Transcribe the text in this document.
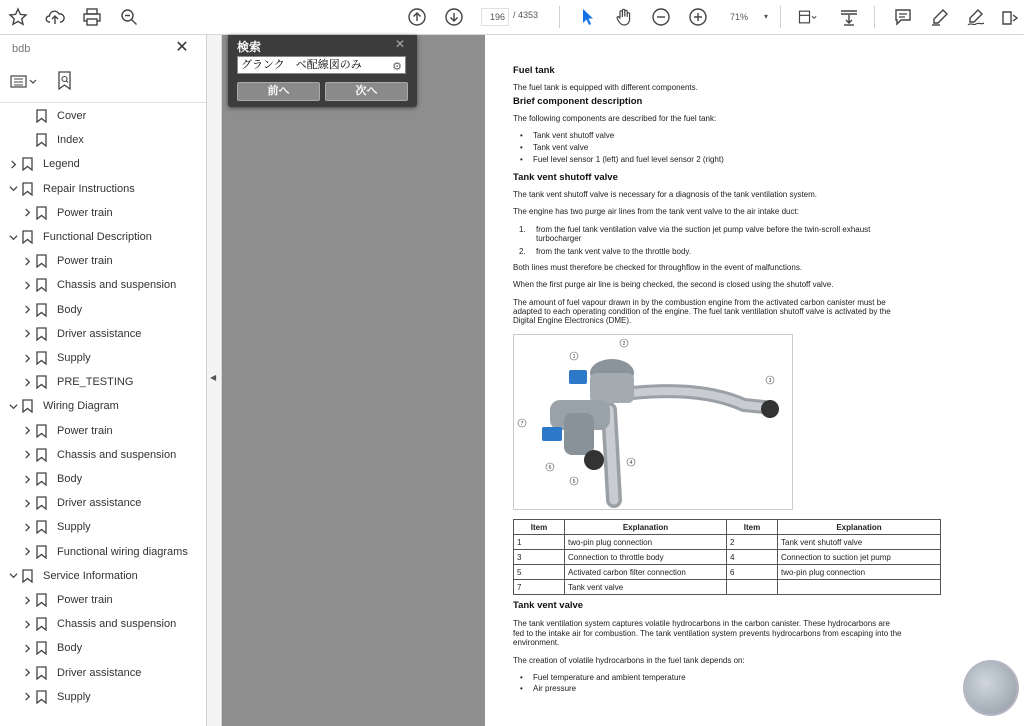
196 / 4353	71% ▾
bdb	✕
Cover
Index
Legend
Repair Instructions
Power train
Functional Description
Power train
Chassis and suspension
Body
Driver assistance
Supply
PRE_TESTING
Wiring Diagram
Power train
Chassis and suspension
Body
Driver assistance
Supply
Functional wiring diagrams
Service Information
Power train
Chassis and suspension
Body
Driver assistance
Supply
◀
検索	✕
グランク　ベ配線図のみ	⚙
前へ	次へ
Fuel tank
The fuel tank is equipped with different components.
Brief component description
The following components are described for the fuel tank:
• Tank vent shutoff valve
• Tank vent valve
• Fuel level sensor 1 (left) and fuel level sensor 2 (right)
Tank vent shutoff valve
The tank vent shutoff valve is necessary for a diagnosis of the tank ventilation system.
The engine has two purge air lines from the tank vent valve to the air intake duct:
1. from the fuel tank ventilation valve via the suction jet pump valve before the twin-scroll exhaust
turbocharger
2. from the tank vent valve to the throttle body.
Both lines must therefore be checked for throughflow in the event of malfunctions.
When the first purge air line is being checked, the second is closed using the shutoff valve.
The amount of fuel vapour drawn in by the combustion engine from the activated carbon canister must be
adapted to each operating condition of the engine. The fuel tank ventilation shutoff valve is activated by the
Digital Engine Electronics (DME).
1
2
3
4
5
6
7
Item	Explanation	Item	Explanation
1	two-pin plug connection	2	Tank vent shutoff valve
3	Connection to throttle body	4	Connection to suction jet pump
5	Activated carbon filter connection	6	two-pin plug connection
7	Tank vent valve		
Tank vent valve
The tank ventilation system captures volatile hydrocarbons in the carbon canister. These hydrocarbons are
fed to the intake air for combustion. The tank ventilation system prevents hydrocarbons from escaping into the
environment.
The creation of volatile hydrocarbons in the fuel tank depends on:
• Fuel temperature and ambient temperature
• Air pressure
